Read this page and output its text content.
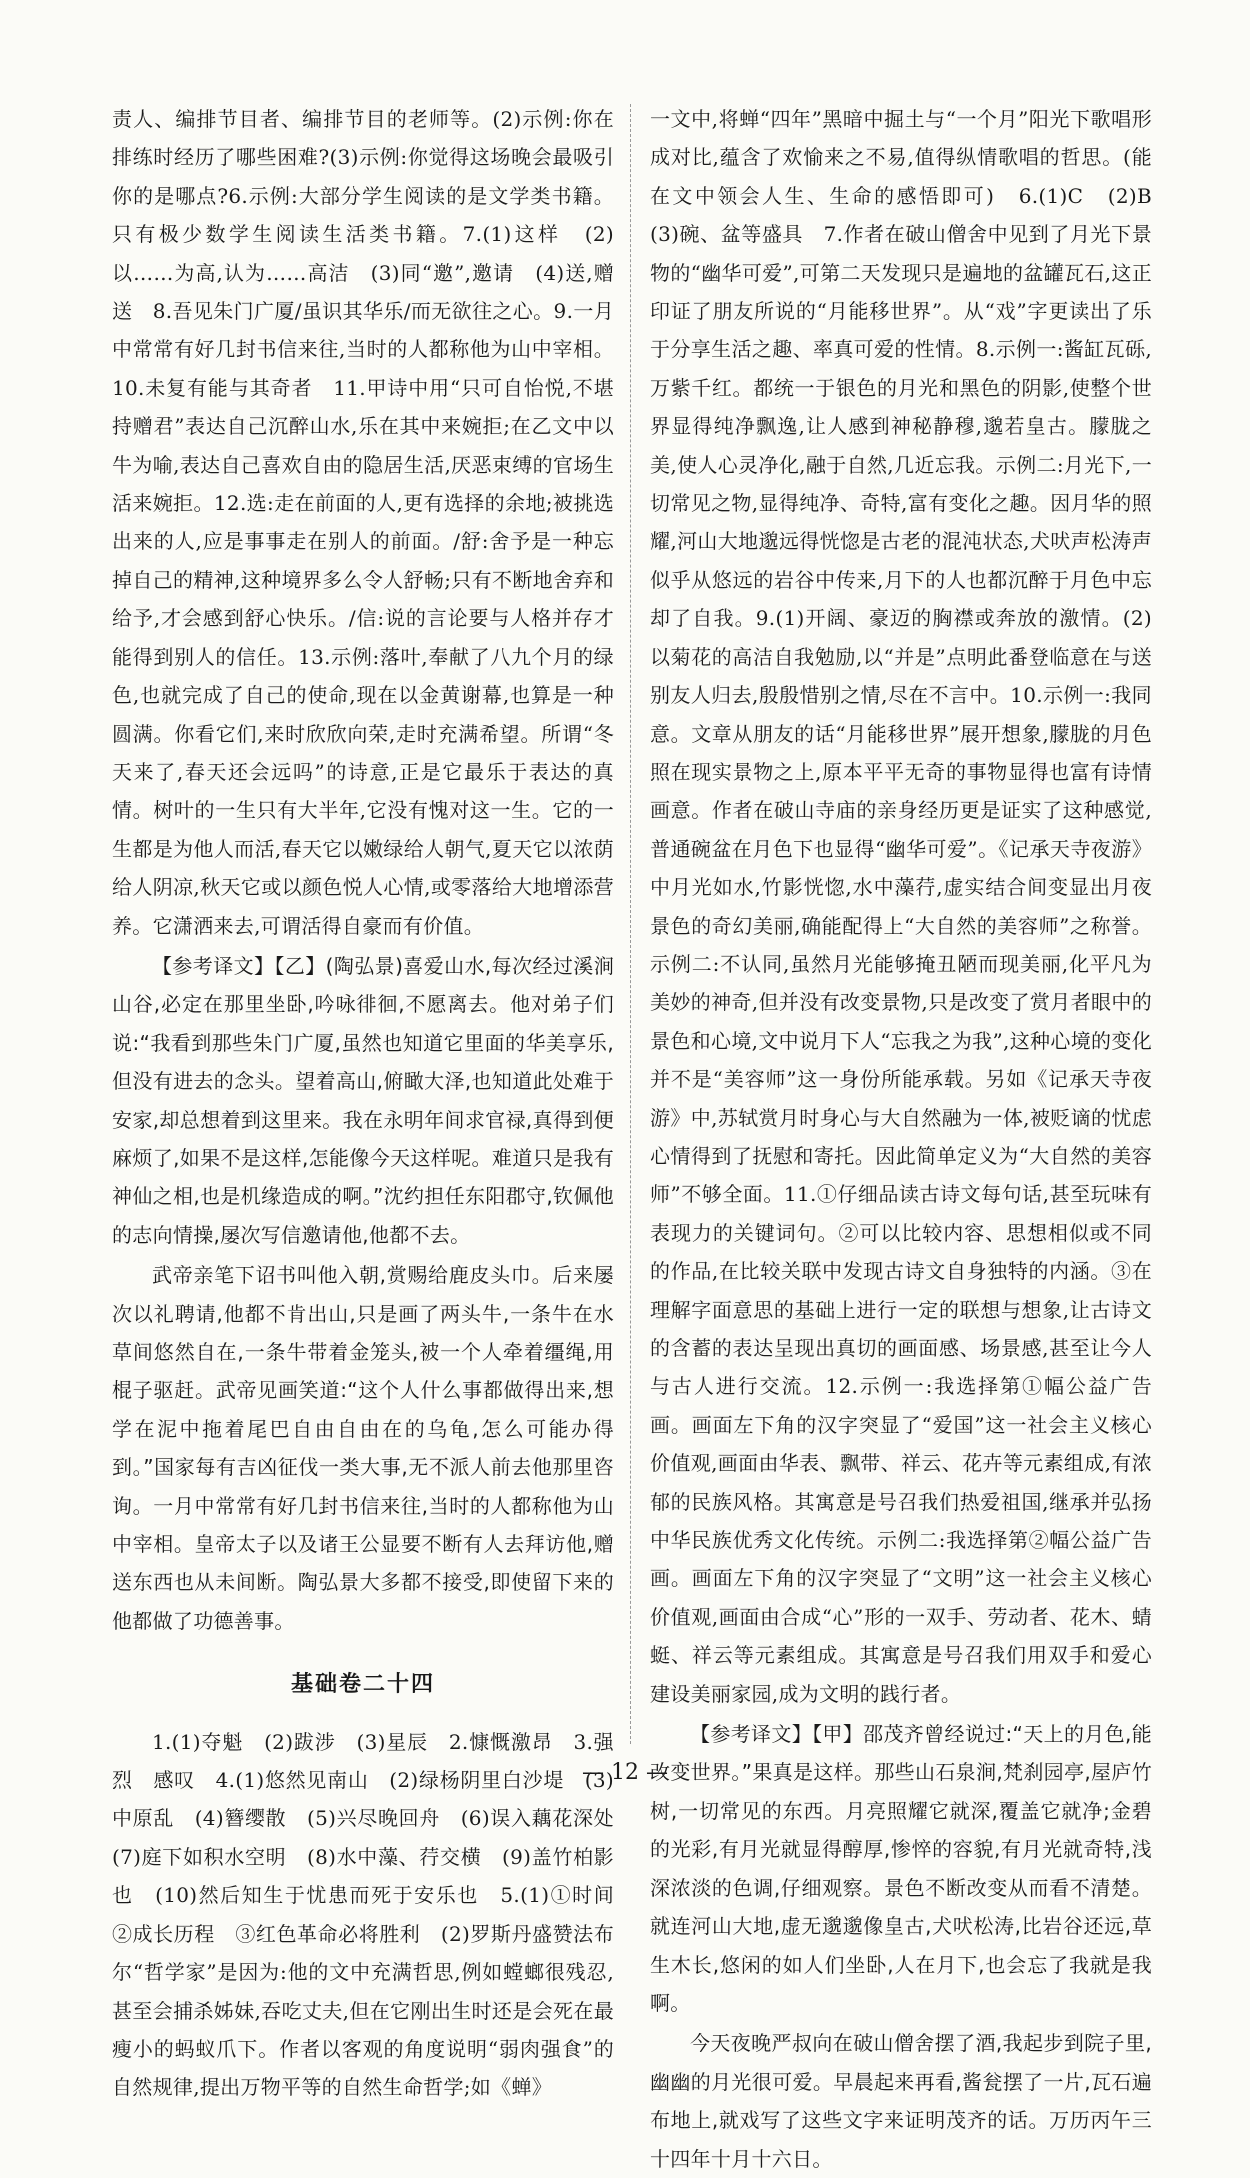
责人、编排节目者、编排节目的老师等。(2)示例:你在排练时经历了哪些困难?(3)示例:你觉得这场晚会最吸引你的是哪点?6.示例:大部分学生阅读的是文学类书籍。只有极少数学生阅读生活类书籍。7.(1)这样　(2)以……为高,认为……高洁　(3)同“邀”,邀请　(4)送,赠送　8.吾见朱门广厦/虽识其华乐/而无欲往之心。9.一月中常常有好几封书信来往,当时的人都称他为山中宰相。10.未复有能与其奇者　11.甲诗中用“只可自怡悦,不堪持赠君”表达自己沉醉山水,乐在其中来婉拒;在乙文中以牛为喻,表达自己喜欢自由的隐居生活,厌恶束缚的官场生活来婉拒。12.选:走在前面的人,更有选择的余地;被挑选出来的人,应是事事走在别人的前面。/舒:舍予是一种忘掉自己的精神,这种境界多么令人舒畅;只有不断地舍弃和给予,才会感到舒心快乐。/信:说的言论要与人格并存才能得到别人的信任。13.示例:落叶,奉献了八九个月的绿色,也就完成了自己的使命,现在以金黄谢幕,也算是一种圆满。你看它们,来时欣欣向荣,走时充满希望。所谓“冬天来了,春天还会远吗”的诗意,正是它最乐于表达的真情。树叶的一生只有大半年,它没有愧对这一生。它的一生都是为他人而活,春天它以嫩绿给人朝气,夏天它以浓荫给人阴凉,秋天它或以颜色悦人心情,或零落给大地增添营养。它潇洒来去,可谓活得自豪而有价值。

【参考译文】【乙】(陶弘景)喜爱山水,每次经过溪涧山谷,必定在那里坐卧,吟咏徘徊,不愿离去。他对弟子们说:“我看到那些朱门广厦,虽然也知道它里面的华美享乐,但没有进去的念头。望着高山,俯瞰大泽,也知道此处难于安家,却总想着到这里来。我在永明年间求官禄,真得到便麻烦了,如果不是这样,怎能像今天这样呢。难道只是我有神仙之相,也是机缘造成的啊。”沈约担任东阳郡守,钦佩他的志向情操,屡次写信邀请他,他都不去。

武帝亲笔下诏书叫他入朝,赏赐给鹿皮头巾。后来屡次以礼聘请,他都不肯出山,只是画了两头牛,一条牛在水草间悠然自在,一条牛带着金笼头,被一个人牵着缰绳,用棍子驱赶。武帝见画笑道:“这个人什么事都做得出来,想学在泥中拖着尾巴自由自由在的乌龟,怎么可能办得到。”国家每有吉凶征伐一类大事,无不派人前去他那里咨询。一月中常常有好几封书信来往,当时的人都称他为山中宰相。皇帝太子以及诸王公显要不断有人去拜访他,赠送东西也从未间断。陶弘景大多都不接受,即使留下来的他都做了功德善事。

基础卷二十四

1.(1)夺魁　(2)跋涉　(3)星辰　2.慷慨激昂　3.强烈　感叹　4.(1)悠然见南山　(2)绿杨阴里白沙堤　(3)中原乱　(4)簪缨散　(5)兴尽晚回舟　(6)误入藕花深处　(7)庭下如积水空明　(8)水中藻、荇交横　(9)盖竹柏影也　(10)然后知生于忧患而死于安乐也　5.(1)①时间　②成长历程　③红色革命必将胜利　(2)罗斯丹盛赞法布尔“哲学家”是因为:他的文中充满哲思,例如螳螂很残忍,甚至会捕杀姊妹,吞吃丈夫,但在它刚出生时还是会死在最瘦小的蚂蚁爪下。作者以客观的角度说明“弱肉强食”的自然规律,提出万物平等的自然生命哲学;如《蝉》

一文中,将蝉“四年”黑暗中掘土与“一个月”阳光下歌唱形成对比,蕴含了欢愉来之不易,值得纵情歌唱的哲思。(能在文中领会人生、生命的感悟即可)　6.(1)C　(2)B　(3)碗、盆等盛具　7.作者在破山僧舍中见到了月光下景物的“幽华可爱”,可第二天发现只是遍地的盆罐瓦石,这正印证了朋友所说的“月能移世界”。从“戏”字更读出了乐于分享生活之趣、率真可爱的性情。8.示例一:酱缸瓦砾,万紫千红。都统一于银色的月光和黑色的阴影,使整个世界显得纯净飘逸,让人感到神秘静穆,邈若皇古。朦胧之美,使人心灵净化,融于自然,几近忘我。示例二:月光下,一切常见之物,显得纯净、奇特,富有变化之趣。因月华的照耀,河山大地邈远得恍惚是古老的混沌状态,犬吠声松涛声似乎从悠远的岩谷中传来,月下的人也都沉醉于月色中忘却了自我。9.(1)开阔、豪迈的胸襟或奔放的激情。(2)以菊花的高洁自我勉励,以“并是”点明此番登临意在与送别友人归去,殷殷惜别之情,尽在不言中。10.示例一:我同意。文章从朋友的话“月能移世界”展开想象,朦胧的月色照在现实景物之上,原本平平无奇的事物显得也富有诗情画意。作者在破山寺庙的亲身经历更是证实了这种感觉,普通碗盆在月色下也显得“幽华可爱”。《记承天寺夜游》中月光如水,竹影恍惚,水中藻荇,虚实结合间变显出月夜景色的奇幻美丽,确能配得上“大自然的美容师”之称誉。示例二:不认同,虽然月光能够掩丑陋而现美丽,化平凡为美妙的神奇,但并没有改变景物,只是改变了赏月者眼中的景色和心境,文中说月下人“忘我之为我”,这种心境的变化并不是“美容师”这一身份所能承载。另如《记承天寺夜游》中,苏轼赏月时身心与大自然融为一体,被贬谪的忧虑心情得到了抚慰和寄托。因此简单定义为“大自然的美容师”不够全面。11.①仔细品读古诗文每句话,甚至玩味有表现力的关键词句。②可以比较内容、思想相似或不同的作品,在比较关联中发现古诗文自身独特的内涵。③在理解字面意思的基础上进行一定的联想与想象,让古诗文的含蓄的表达呈现出真切的画面感、场景感,甚至让今人与古人进行交流。12.示例一:我选择第①幅公益广告画。画面左下角的汉字突显了“爱国”这一社会主义核心价值观,画面由华表、飘带、祥云、花卉等元素组成,有浓郁的民族风格。其寓意是号召我们热爱祖国,继承并弘扬中华民族优秀文化传统。示例二:我选择第②幅公益广告画。画面左下角的汉字突显了“文明”这一社会主义核心价值观,画面由合成“心”形的一双手、劳动者、花木、蜻蜓、祥云等元素组成。其寓意是号召我们用双手和爱心建设美丽家园,成为文明的践行者。

【参考译文】【甲】邵茂齐曾经说过:“天上的月色,能改变世界。”果真是这样。那些山石泉涧,梵刹园亭,屋庐竹树,一切常见的东西。月亮照耀它就深,覆盖它就净;金碧的光彩,有月光就显得醇厚,惨悴的容貌,有月光就奇特,浅深浓淡的色调,仔细观察。景色不断改变从而看不清楚。就连河山大地,虚无邈邈像皇古,犬吠松涛,比岩谷还远,草生木长,悠闲的如人们坐卧,人在月下,也会忘了我就是我啊。

今天夜晚严叔向在破山僧舍摆了酒,我起步到院子里,幽幽的月光很可爱。早晨起来再看,酱瓮摆了一片,瓦石遍布地上,就戏写了这些文字来证明茂齐的话。万历丙午三十四年十月十六日。

— 12 —
